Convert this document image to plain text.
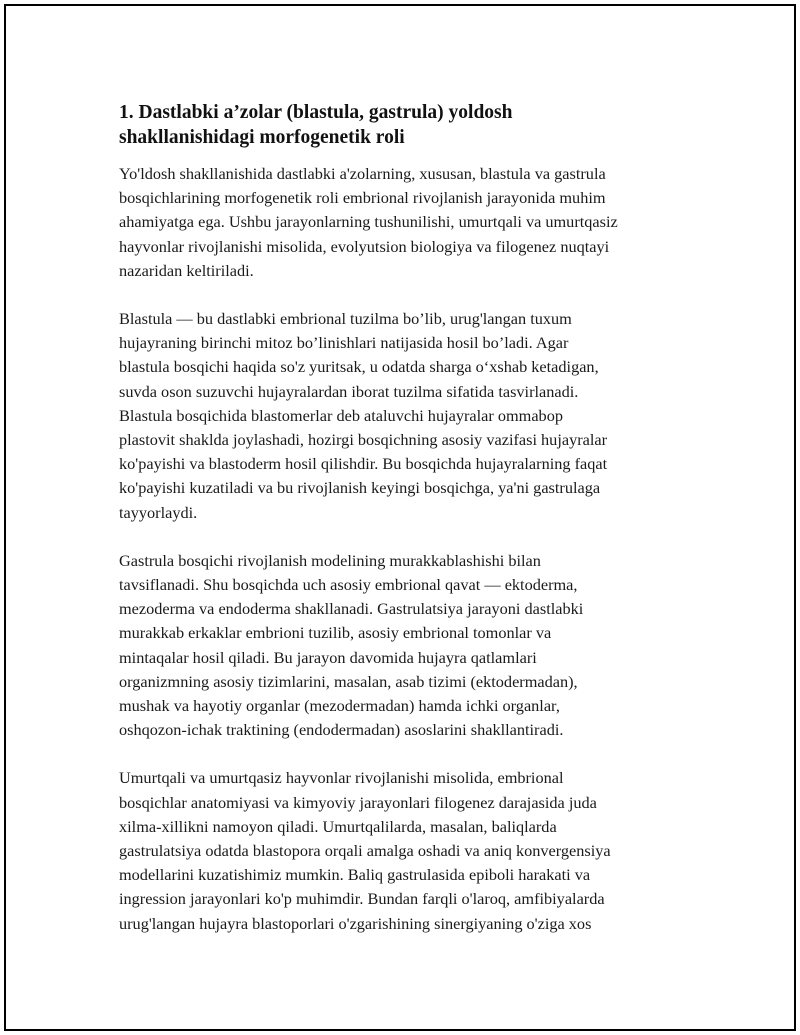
1. Dastlabki a’zolar (blastula, gastrula) yoldosh
shakllanishidagi morfogenetik roli

Yo'ldosh shakllanishida dastlabki a'zolarning, xususan, blastula va gastrula
bosqichlarining morfogenetik roli embrional rivojlanish jarayonida muhim
ahamiyatga ega. Ushbu jarayonlarning tushunilishi, umurtqali va umurtqasiz
hayvonlar rivojlanishi misolida, evolyutsion biologiya va filogenez nuqtayi
nazaridan keltiriladi.

Blastula — bu dastlabki embrional tuzilma bo’lib, urug'langan tuxum
hujayraning birinchi mitoz bo’linishlari natijasida hosil bo’ladi. Agar
blastula bosqichi haqida so'z yuritsak, u odatda sharga o‘xshab ketadigan,
suvda oson suzuvchi hujayralardan iborat tuzilma sifatida tasvirlanadi.
Blastula bosqichida blastomerlar deb ataluvchi hujayralar ommabop
plastovit shaklda joylashadi, hozirgi bosqichning asosiy vazifasi hujayralar
ko'payishi va blastoderm hosil qilishdir. Bu bosqichda hujayralarning faqat
ko'payishi kuzatiladi va bu rivojlanish keyingi bosqichga, ya'ni gastrulaga
tayyorlaydi.

Gastrula bosqichi rivojlanish modelining murakkablashishi bilan
tavsiflanadi. Shu bosqichda uch asosiy embrional qavat — ektoderma,
mezoderma va endoderma shakllanadi. Gastrulatsiya jarayoni dastlabki
murakkab erkaklar embrioni tuzilib, asosiy embrional tomonlar va
mintaqalar hosil qiladi. Bu jarayon davomida hujayra qatlamlari
organizmning asosiy tizimlarini, masalan, asab tizimi (ektodermadan),
mushak va hayotiy organlar (mezodermadan) hamda ichki organlar,
oshqozon-ichak traktining (endodermadan) asoslarini shakllantiradi.

Umurtqali va umurtqasiz hayvonlar rivojlanishi misolida, embrional
bosqichlar anatomiyasi va kimyoviy jarayonlari filogenez darajasida juda
xilma-xillikni namoyon qiladi. Umurtqalilarda, masalan, baliqlarda
gastrulatsiya odatda blastopora orqali amalga oshadi va aniq konvergensiya
modellarini kuzatishimiz mumkin. Baliq gastrulasida epiboli harakati va
ingression jarayonlari ko'p muhimdir. Bundan farqli o'laroq, amfibiyalarda
urug'langan hujayra blastoporlari o'zgarishining sinergiyaning o'ziga xos
